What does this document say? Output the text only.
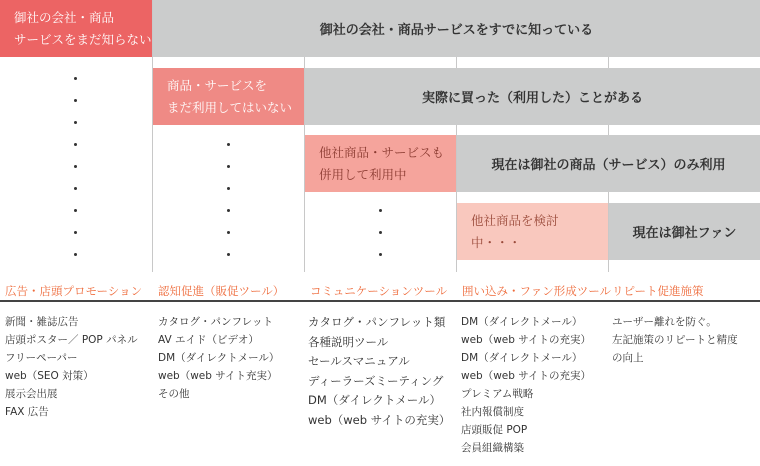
御社の会社・商品
サービスをまだ知らない
御社の会社・商品サービスをすでに知っている
商品・サービスを
まだ利用してはいない
実際に買った（利用した）ことがある
他社商品・サービスも
併用して利用中
現在は御社の商品（サービス）のみ利用
他社商品を検討中・・・
現在は御社ファン
広告・店頭プロモーション 認知促進（販促ツール） コミュニケーションツール 囲い込み・ファン形成ツール リピート促進施策
新聞・雑誌広告
店頭ポスター／ POP パネル
フリーペーパー
web（SEO 対策）
展示会出展
FAX 広告
カタログ・パンフレット
AV エイド（ビデオ）
DM（ダイレクトメール）
web（web サイト充実）
その他
カタログ・パンフレット類
各種説明ツール
セールスマニュアル
ディーラーズミーティング
DM（ダイレクトメール）
web（web サイトの充実）
DM（ダイレクトメール）
web（web サイトの充実）
DM（ダイレクトメール）
web（web サイトの充実）
プレミアム戦略
社内報償制度
店頭販促 POP
会員組織構築
ユーザー離れを防ぐ。
左記施策のリピートと精度
の向上
